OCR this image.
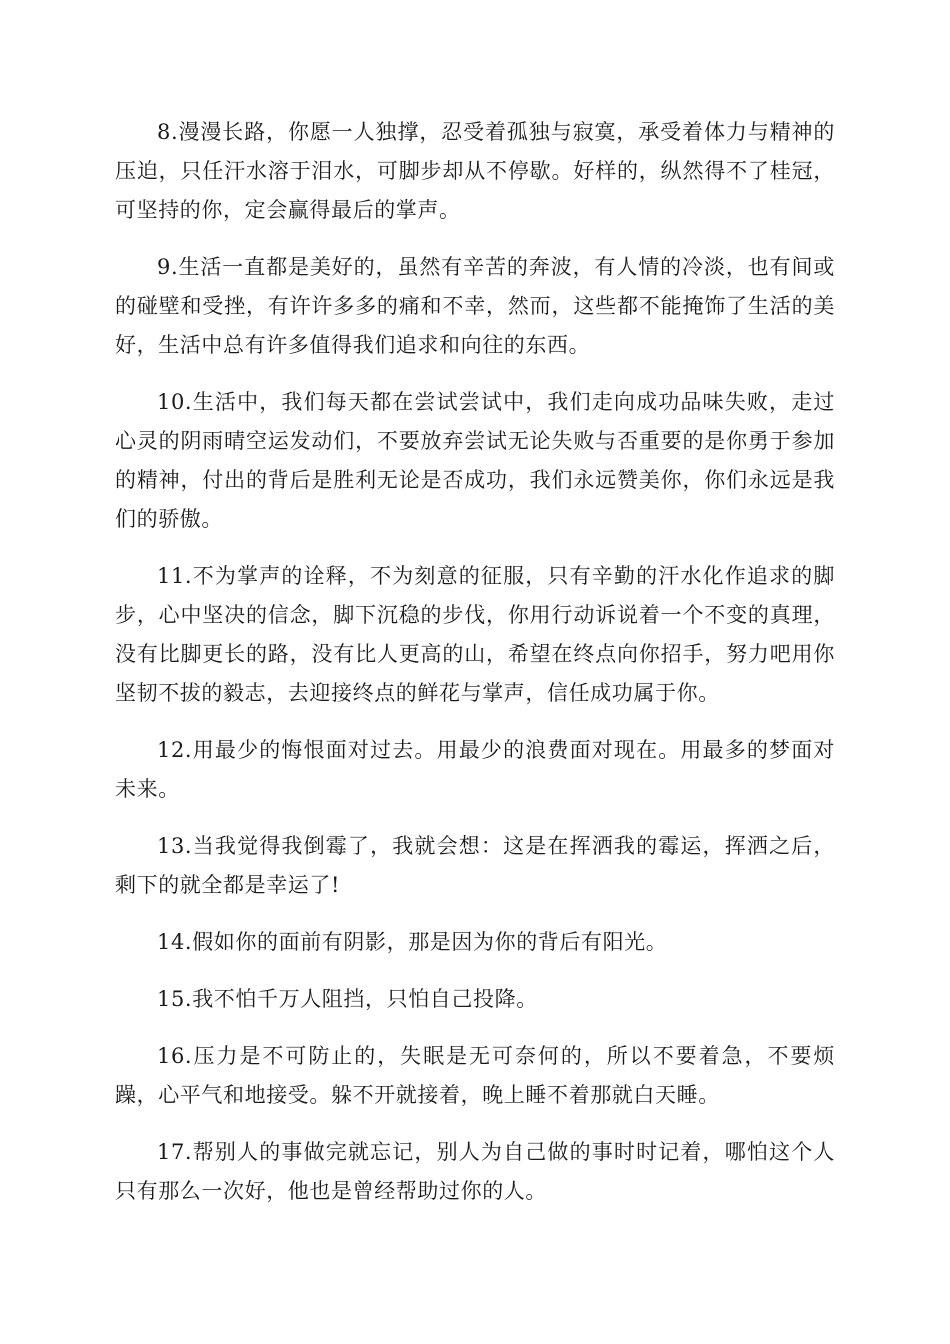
8.漫漫长路，你愿一人独撑，忍受着孤独与寂寞，承受着体力与精神的压迫，只任汗水溶于泪水，可脚步却从不停歇。好样的，纵然得不了桂冠，可坚持的你，定会赢得最后的掌声。

9.生活一直都是美好的，虽然有辛苦的奔波，有人情的冷淡，也有间或的碰壁和受挫，有许许多多的痛和不幸，然而，这些都不能掩饰了生活的美好，生活中总有许多值得我们追求和向往的东西。

10.生活中，我们每天都在尝试尝试中，我们走向成功品味失败，走过心灵的阴雨晴空运发动们，不要放弃尝试无论失败与否重要的是你勇于参加的精神，付出的背后是胜利无论是否成功，我们永远赞美你，你们永远是我们的骄傲。

11.不为掌声的诠释，不为刻意的征服，只有辛勤的汗水化作追求的脚步，心中坚决的信念，脚下沉稳的步伐，你用行动诉说着一个不变的真理，没有比脚更长的路，没有比人更高的山，希望在终点向你招手，努力吧用你坚韧不拔的毅志，去迎接终点的鲜花与掌声，信任成功属于你。

12.用最少的悔恨面对过去。用最少的浪费面对现在。用最多的梦面对未来。

13.当我觉得我倒霉了，我就会想：这是在挥洒我的霉运，挥洒之后，剩下的就全都是幸运了!

14.假如你的面前有阴影，那是因为你的背后有阳光。

15.我不怕千万人阻挡，只怕自己投降。

16.压力是不可防止的，失眠是无可奈何的，所以不要着急，不要烦躁，心平气和地接受。躲不开就接着，晚上睡不着那就白天睡。

17.帮别人的事做完就忘记，别人为自己做的事时时记着，哪怕这个人只有那么一次好，他也是曾经帮助过你的人。
